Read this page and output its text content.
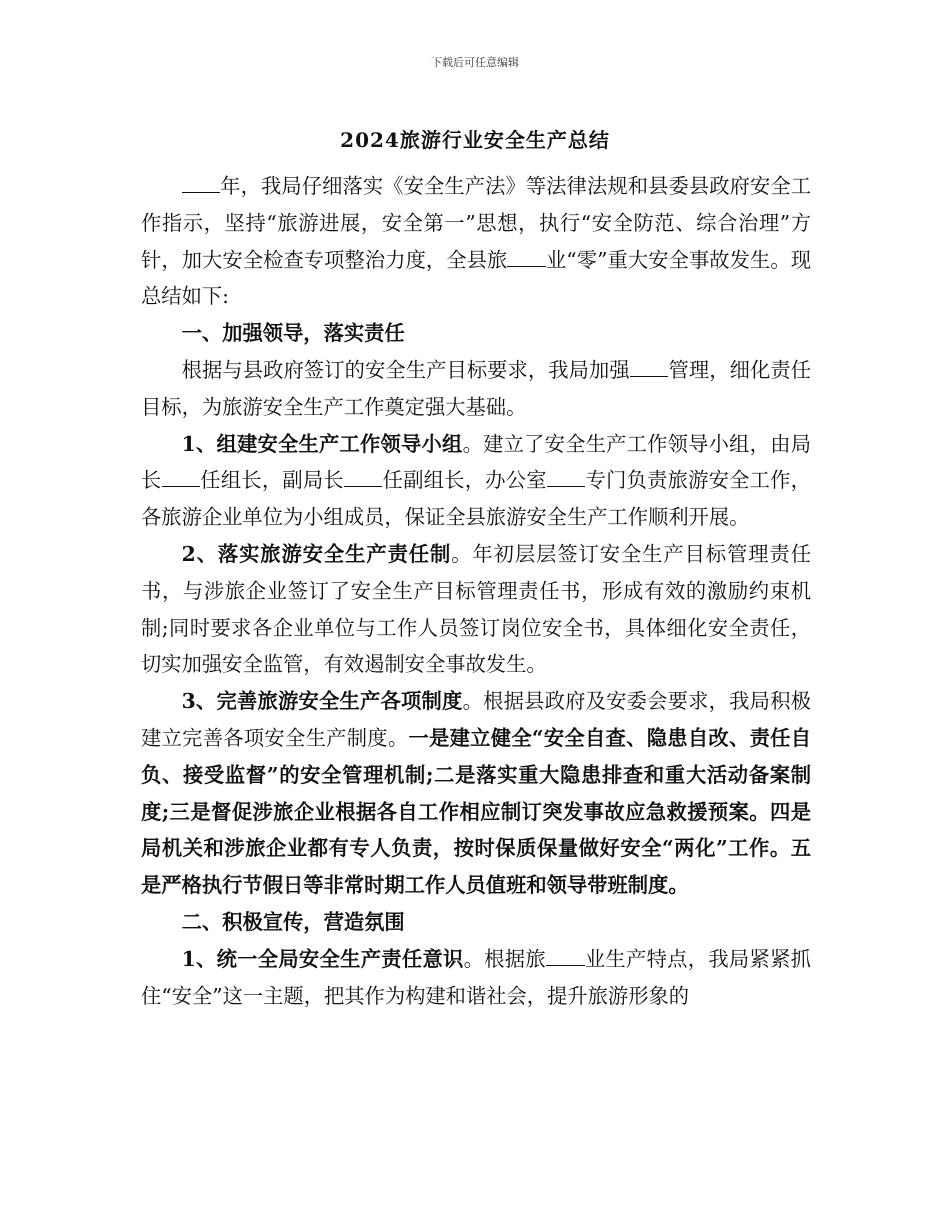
下载后可任意编辑
2024旅游行业安全生产总结

年，我局仔细落实《安全生产法》等法律法规和县委县政府安全工作指示，坚持“旅游进展，安全第一”思想，执行“安全防范、综合治理”方针，加大安全检查专项整治力度，全县旅 业“零”重大安全事故发生。现总结如下:

一、加强领导，落实责任

根据与县政府签订的安全生产目标要求，我局加强 管理，细化责任目标，为旅游安全生产工作奠定强大基础。

1、组建安全生产工作领导小组。建立了安全生产工作领导小组，由局长 任组长，副局长 任副组长，办公室 专门负责旅游安全工作，各旅游企业单位为小组成员，保证全县旅游安全生产工作顺利开展。

2、落实旅游安全生产责任制。年初层层签订安全生产目标管理责任书，与涉旅企业签订了安全生产目标管理责任书，形成有效的激励约束机制;同时要求各企业单位与工作人员签订岗位安全书，具体细化安全责任，切实加强安全监管，有效遏制安全事故发生。

3、完善旅游安全生产各项制度。根据县政府及安委会要求，我局积极建立完善各项安全生产制度。一是建立健全“安全自查、隐患自改、责任自负、接受监督”的安全管理机制;二是落实重大隐患排查和重大活动备案制度;三是督促涉旅企业根据各自工作相应制订突发事故应急救援预案。四是局机关和涉旅企业都有专人负责，按时保质保量做好安全“两化”工作。五是严格执行节假日等非常时期工作人员值班和领导带班制度。

二、积极宣传，营造氛围

1、统一全局安全生产责任意识。根据旅 业生产特点，我局紧紧抓住“安全”这一主题，把其作为构建和谐社会，提升旅游形象的
